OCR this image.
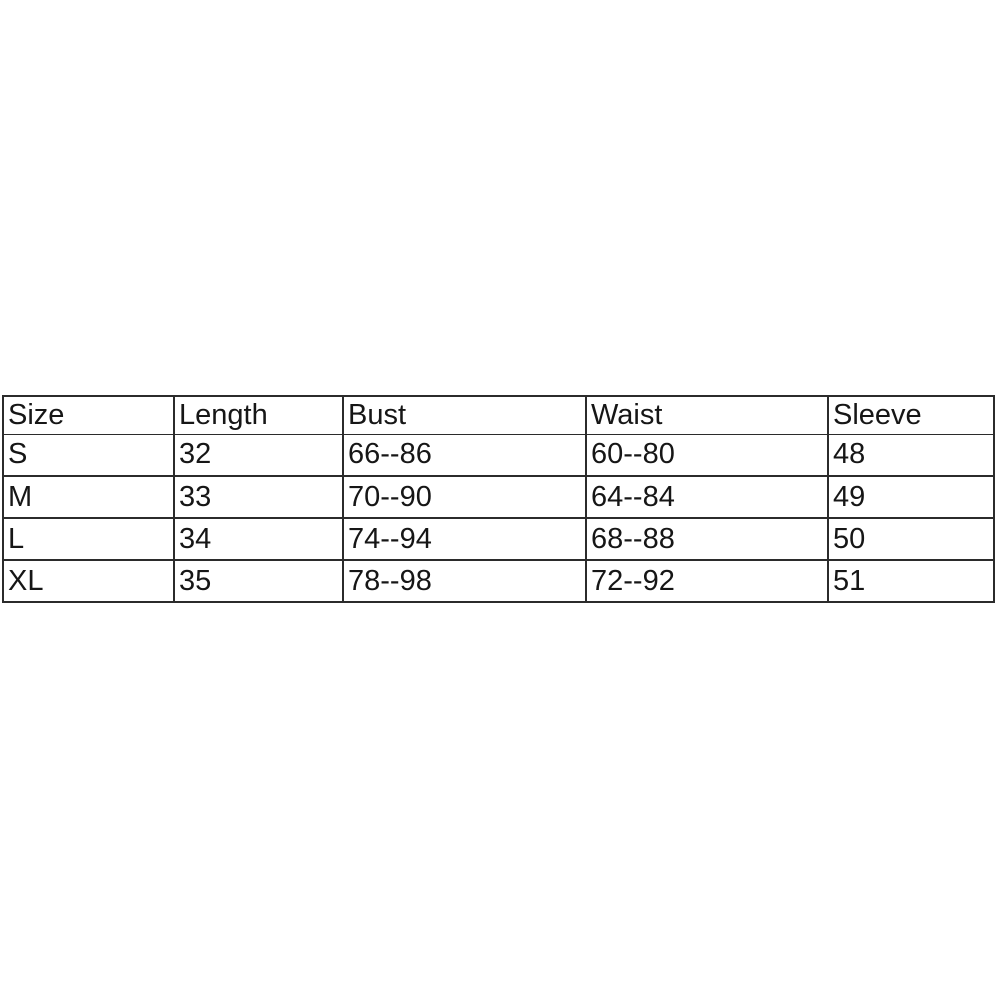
Size	Length	Bust	Waist	Sleeve
S	32	66--86	60--80	48
M	33	70--90	64--84	49
L	34	74--94	68--88	50
XL	35	78--98	72--92	51
